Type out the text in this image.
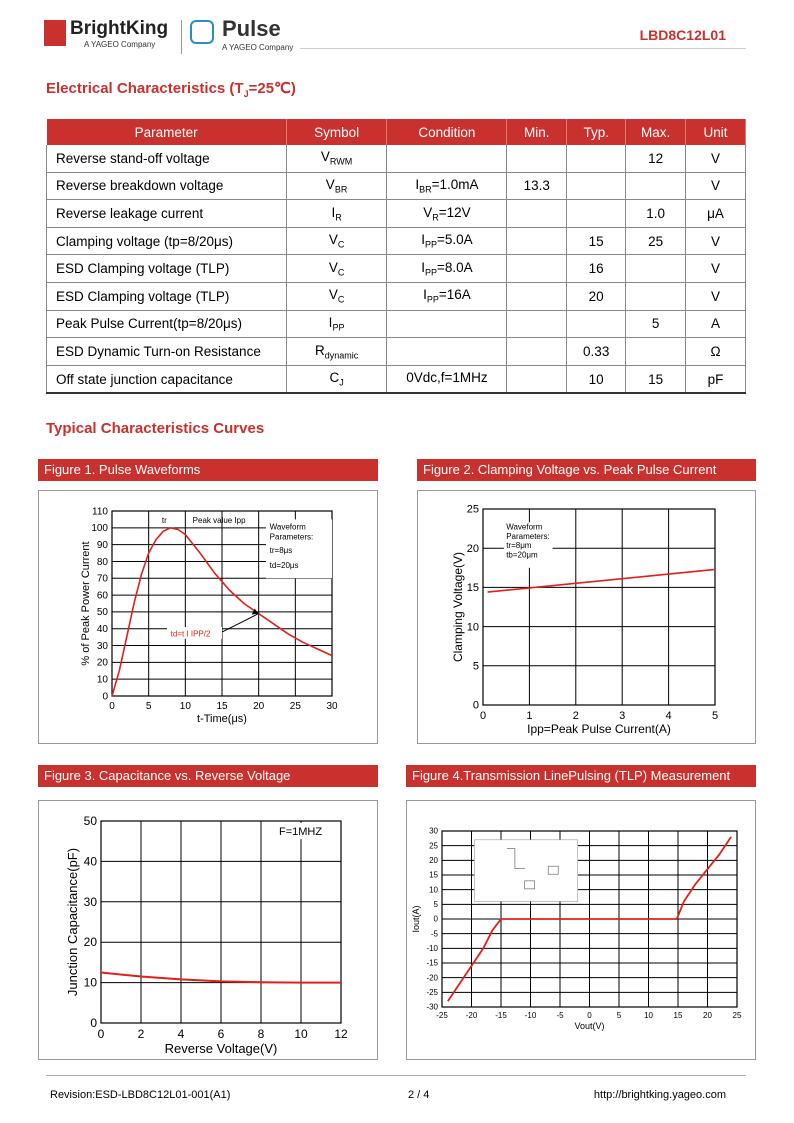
BrightKing
A YAGEO Company
Pulse
A YAGEO Company
LBD8C12L01
Electrical Characteristics $(T_J=25℃)$
Parameter	Symbol	Condition	Min.	Typ.	Max.	Unit
Reverse stand-off voltage	$V_{RWM}$				12	V
Reverse breakdown voltage	$V_{BR}$	$I_{BR}=1.0mA$	13.3			V
Reverse leakage current	$I_R$	$V_R=12V$			1.0	μA
Clamping voltage (tp=8/20μs)	$V_C$	$I_{PP}=5.0A$		15	25	V
ESD Clamping voltage (TLP)	$V_C$	$I_{PP}=8.0A$		16		V
ESD Clamping voltage (TLP)	$V_C$	$I_{PP}=16A$		20		V
Peak Pulse Current(tp=8/20μs)	$I_{PP}$				5	A
ESD Dynamic Turn-on Resistance	$R_{dynamic}$			0.33		Ω
Off state junction capacitance	$C_J$	0Vdc,f=1MHz		10	15	pF
Typical Characteristics Curves
Figure 1. Pulse Waveforms
0	5	10	15	20	25	30
0
10
20
30
40
50
60
70
80
90
100
110
t-Time(μs)
% of Peak Power Current
tr	Peak value Ipp
Waveform
Parameters:
tr=8μs
td=20μs
td=t I IPP/2
Figure 2. Clamping Voltage vs. Peak Pulse Current
0	1	2	3	4	5
0
5
10
15
20
25
Ipp=Peak Pulse Current(A)
Clamping Voltage(V)
Waveform
Parameters:
tr=8μm
tb=20μm
Figure 3. Capacitance vs. Reverse Voltage
0	2	4	6	8 10 12
0
10
20
30
40
50
Reverse Voltage(V)
Junction Capacitance(pF)
F=1MHZ
Figure 4.Transmission LinePulsing (TLP) Measurement
-25 -20 -15 -10	-5	0	5	10	15	20	25
30
25
20
15
10
5
0
-5
-10
-15
-20
-25
-30
Vout(V)
Iout(A)
Revision:ESD-LBD8C12L01-001(A1)	2 / 4	http://brightking.yageo.com
